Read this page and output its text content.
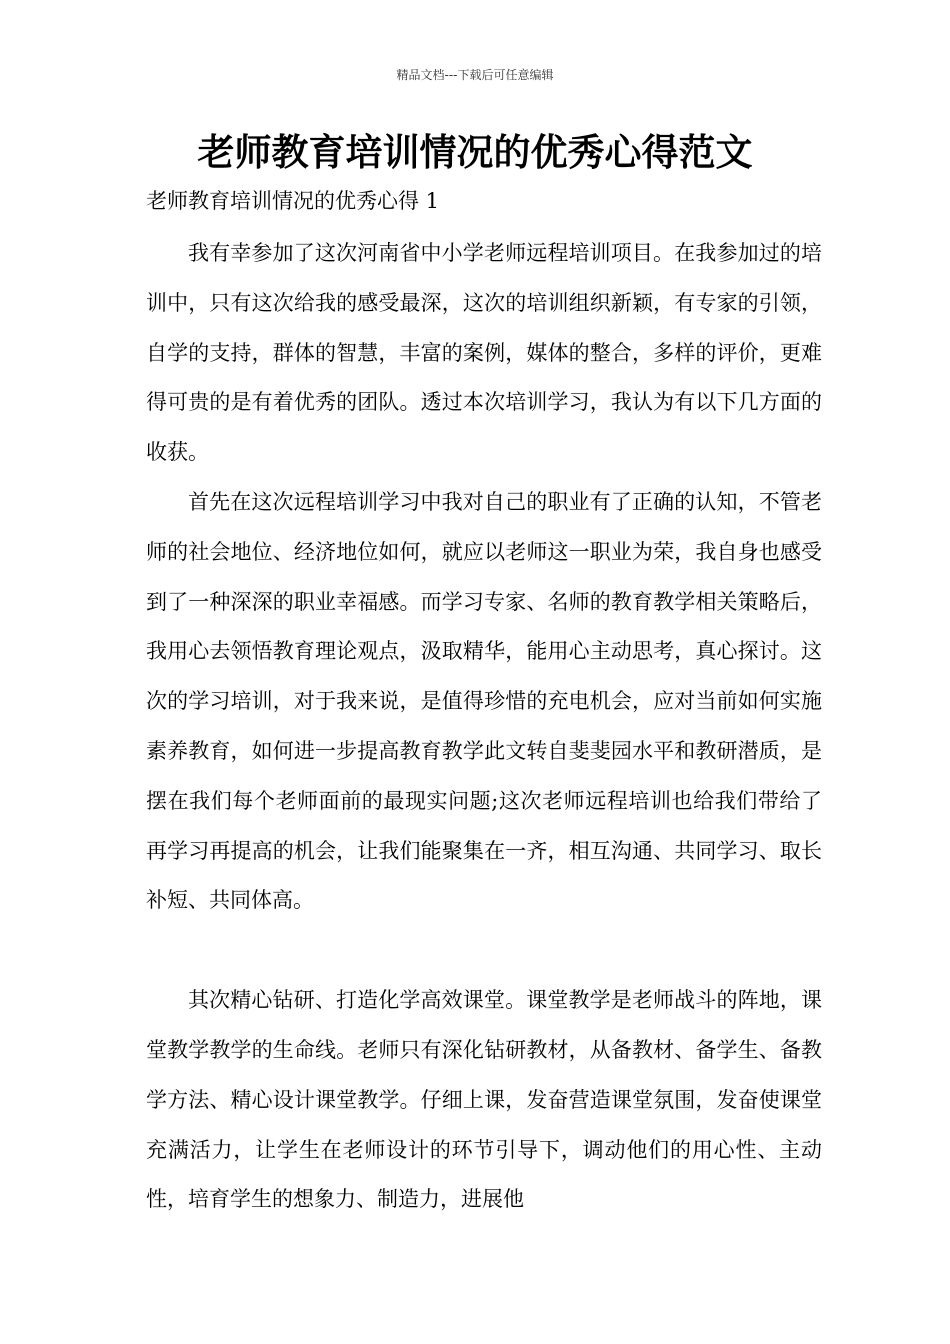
精品文档---下载后可任意编辑
老师教育培训情况的优秀心得范文
老师教育培训情况的优秀心得 1

我有幸参加了这次河南省中小学老师远程培训项目。在我参加过的培训中，只有这次给我的感受最深，这次的培训组织新颖，有专家的引领，自学的支持，群体的智慧，丰富的案例，媒体的整合，多样的评价，更难得可贵的是有着优秀的团队。透过本次培训学习，我认为有以下几方面的收获。

首先在这次远程培训学习中我对自己的职业有了正确的认知，不管老师的社会地位、经济地位如何，就应以老师这一职业为荣，我自身也感受到了一种深深的职业幸福感。而学习专家、名师的教育教学相关策略后，我用心去领悟教育理论观点，汲取精华，能用心主动思考，真心探讨。这次的学习培训，对于我来说，是值得珍惜的充电机会，应对当前如何实施素养教育，如何进一步提高教育教学此文转自斐斐园水平和教研潜质，是摆在我们每个老师面前的最现实问题;这次老师远程培训也给我们带给了再学习再提高的机会，让我们能聚集在一齐，相互沟通、共同学习、取长补短、共同体高。

其次精心钻研、打造化学高效课堂。课堂教学是老师战斗的阵地，课堂教学教学的生命线。老师只有深化钻研教材，从备教材、备学生、备教学方法、精心设计课堂教学。仔细上课，发奋营造课堂氛围，发奋使课堂充满活力，让学生在老师设计的环节引导下，调动他们的用心性、主动性，培育学生的想象力、制造力，进展他
